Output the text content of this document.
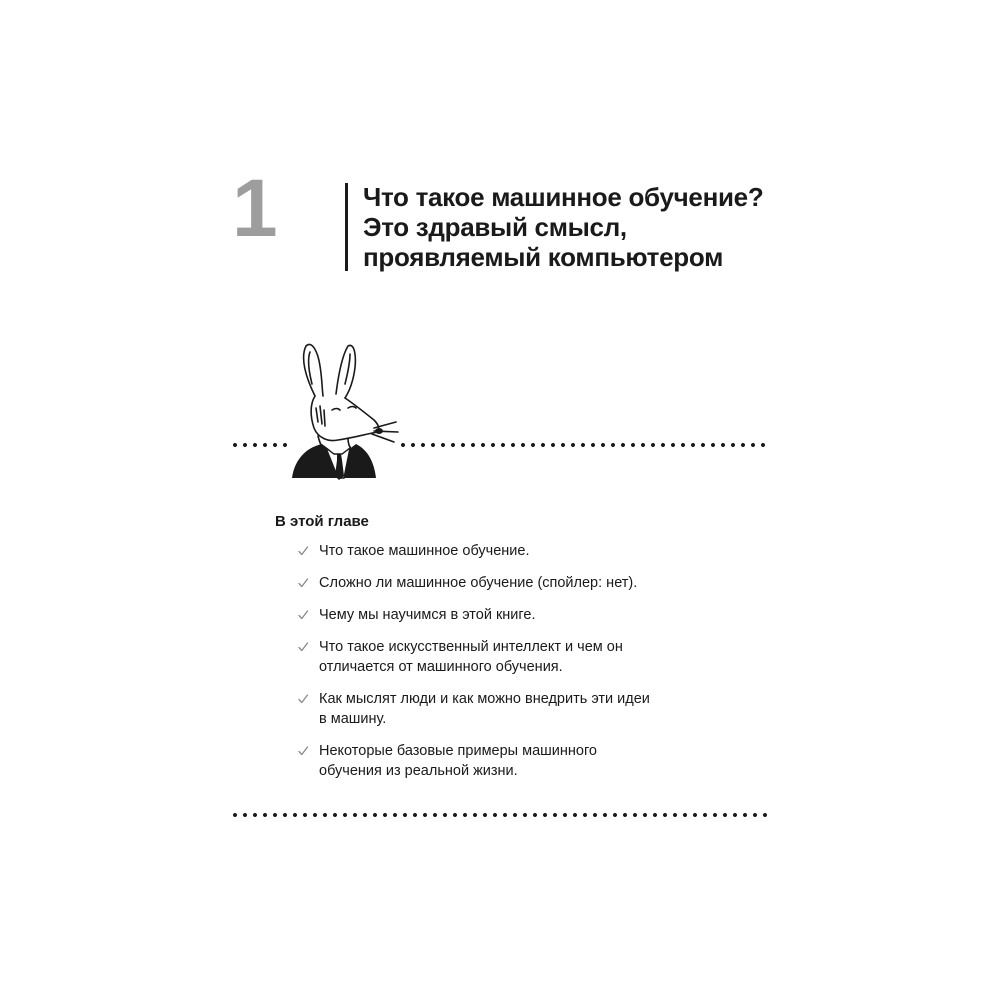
1	Что такое машинное обучение?
Это здравый смысл,
проявляемый компьютером
В этой главе
Что такое машинное обучение.
Сложно ли машинное обучение (спойлер: нет).
Чему мы научимся в этой книге.
Что такое искусственный интеллект и чем он
отличается от машинного обучения.
Как мыслят люди и как можно внедрить эти идеи
в машину.
Некоторые базовые примеры машинного
обучения из реальной жизни.
